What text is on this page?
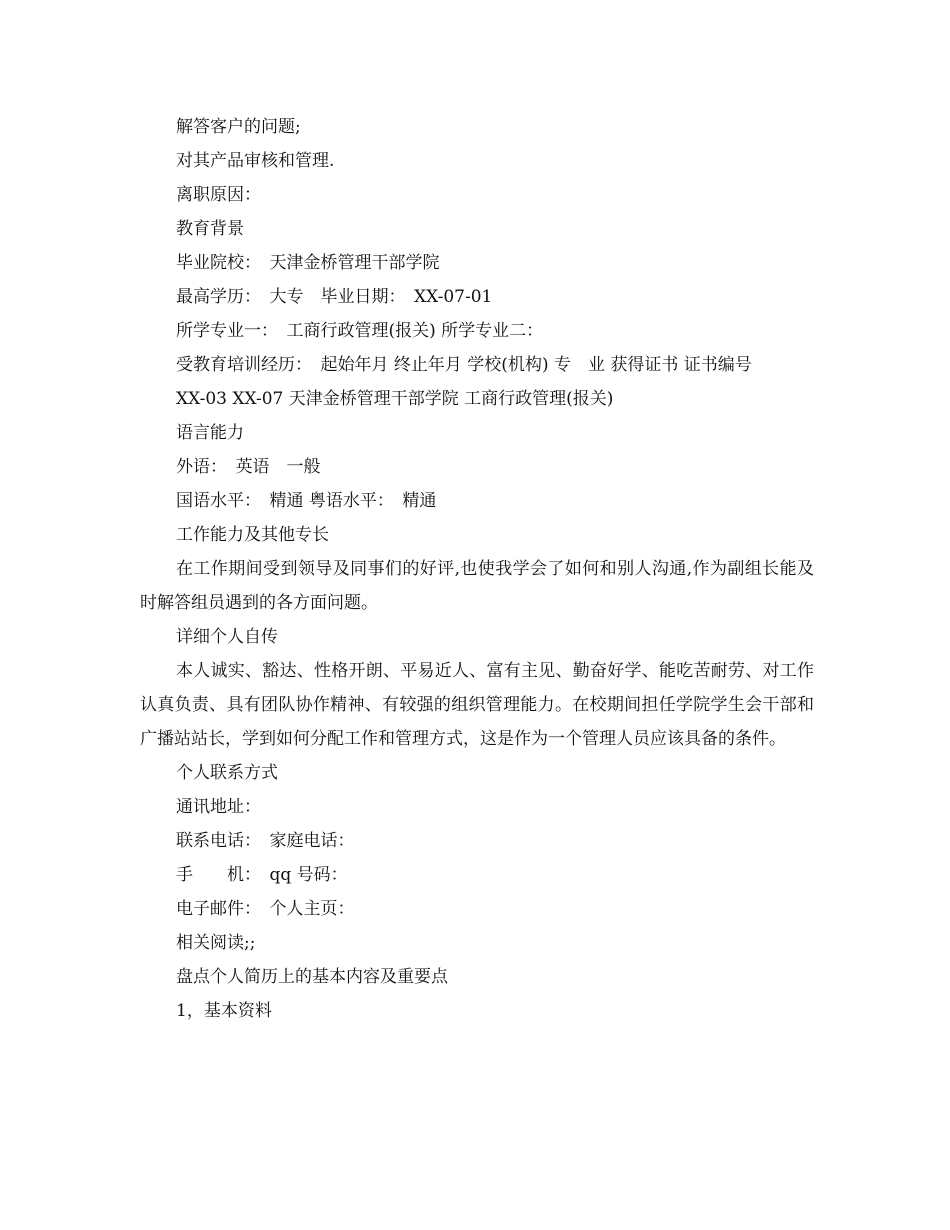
解答客户的问题;

对其产品审核和管理.

离职原因：

教育背景

毕业院校：　天津金桥管理干部学院

最高学历：　大专　毕业日期：　XX-07-01

所学专业一：　工商行政管理(报关) 所学专业二：

受教育培训经历：　起始年月 终止年月 学校(机构) 专　业 获得证书 证书编号

XX-03 XX-07 天津金桥管理干部学院 工商行政管理(报关)

语言能力

外语：　英语　一般

国语水平：　精通 粤语水平：　精通

工作能力及其他专长

在工作期间受到领导及同事们的好评,也使我学会了如何和别人沟通,作为副组长能及时解答组员遇到的各方面问题。

详细个人自传

本人诚实、豁达、性格开朗、平易近人、富有主见、勤奋好学、能吃苦耐劳、对工作认真负责、具有团队协作精神、有较强的组织管理能力。在校期间担任学院学生会干部和广播站站长，学到如何分配工作和管理方式，这是作为一个管理人员应该具备的条件。

个人联系方式

通讯地址：

联系电话：　家庭电话：

手　　机：　qq 号码：

电子邮件：　个人主页：

相关阅读;;

盘点个人简历上的基本内容及重要点

1，基本资料
